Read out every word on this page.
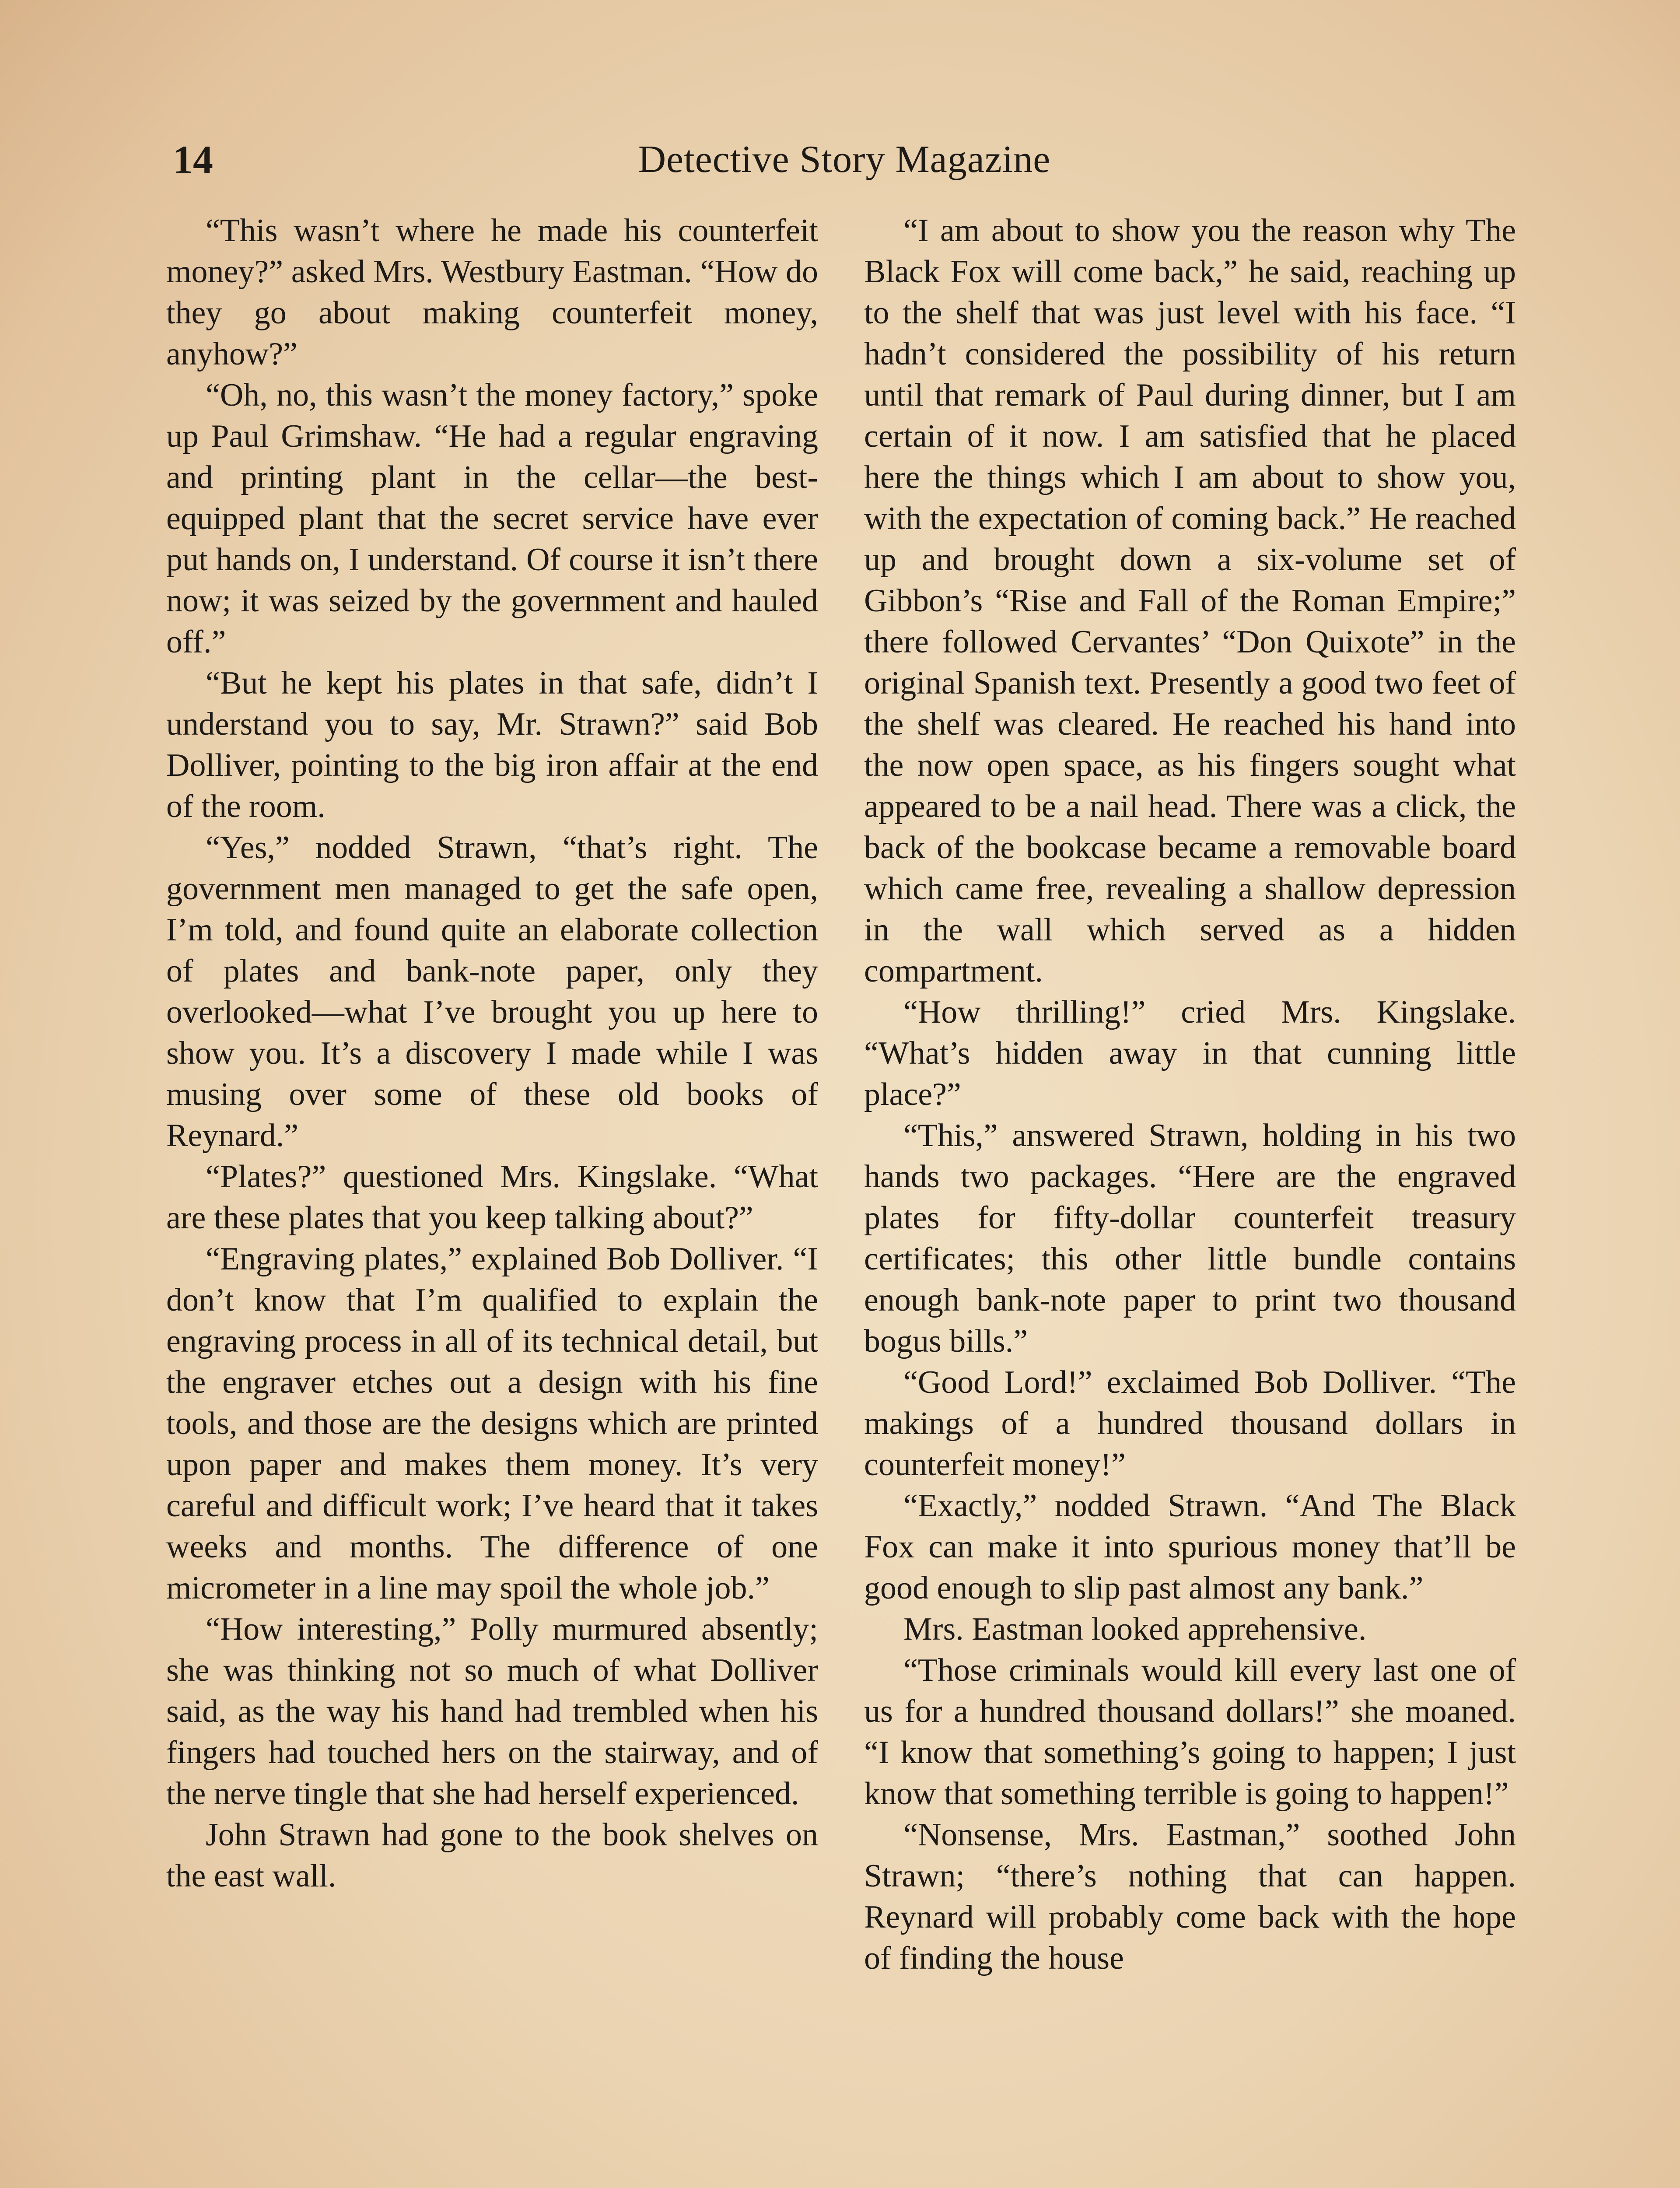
14	Detective Story Magazine

“This wasn’t where he made his counterfeit money?” asked Mrs. Westbury Eastman. “How do they go about making counterfeit money, anyhow?”

“Oh, no, this wasn’t the money factory,” spoke up Paul Grimshaw. “He had a regular engraving and printing plant in the cellar—the best-equipped plant that the secret service have ever put hands on, I understand. Of course it isn’t there now; it was seized by the government and hauled off.”

“But he kept his plates in that safe, didn’t I understand you to say, Mr. Strawn?” said Bob Dolliver, pointing to the big iron affair at the end of the room.

“Yes,” nodded Strawn, “that’s right. The government men managed to get the safe open, I’m told, and found quite an elaborate collection of plates and bank-note paper, only they overlooked—what I’ve brought you up here to show you. It’s a discovery I made while I was musing over some of these old books of Reynard.”

“Plates?” questioned Mrs. Kingslake. “What are these plates that you keep talking about?”

“Engraving plates,” explained Bob Dolliver. “I don’t know that I’m qualified to explain the engraving process in all of its technical detail, but the engraver etches out a design with his fine tools, and those are the designs which are printed upon paper and makes them money. It’s very careful and difficult work; I’ve heard that it takes weeks and months. The difference of one micrometer in a line may spoil the whole job.”

“How interesting,” Polly murmured absently; she was thinking not so much of what Dolliver said, as the way his hand had trembled when his fingers had touched hers on the stairway, and of the nerve tingle that she had herself experienced.

John Strawn had gone to the book shelves on the east wall.

“I am about to show you the reason why The Black Fox will come back,” he said, reaching up to the shelf that was just level with his face. “I hadn’t considered the possibility of his return until that remark of Paul during dinner, but I am certain of it now. I am satisfied that he placed here the things which I am about to show you, with the expectation of coming back.” He reached up and brought down a six-volume set of Gibbon’s “Rise and Fall of the Roman Empire;” there followed Cervantes’ “Don Quixote” in the original Spanish text. Presently a good two feet of the shelf was cleared. He reached his hand into the now open space, as his fingers sought what appeared to be a nail head. There was a click, the back of the bookcase became a removable board which came free, revealing a shallow depression in the wall which served as a hidden compartment.

“How thrilling!” cried Mrs. Kingslake. “What’s hidden away in that cunning little place?”

“This,” answered Strawn, holding in his two hands two packages. “Here are the engraved plates for fifty-dollar counterfeit treasury certificates; this other little bundle contains enough bank-note paper to print two thousand bogus bills.”

“Good Lord!” exclaimed Bob Dolliver. “The makings of a hundred thousand dollars in counterfeit money!”

“Exactly,” nodded Strawn. “And The Black Fox can make it into spurious money that’ll be good enough to slip past almost any bank.”

Mrs. Eastman looked apprehensive.

“Those criminals would kill every last one of us for a hundred thousand dollars!” she moaned. “I know that something’s going to happen; I just know that something terrible is going to happen!”

“Nonsense, Mrs. Eastman,” soothed John Strawn; “there’s nothing that can happen. Reynard will probably come back with the hope of finding the house
